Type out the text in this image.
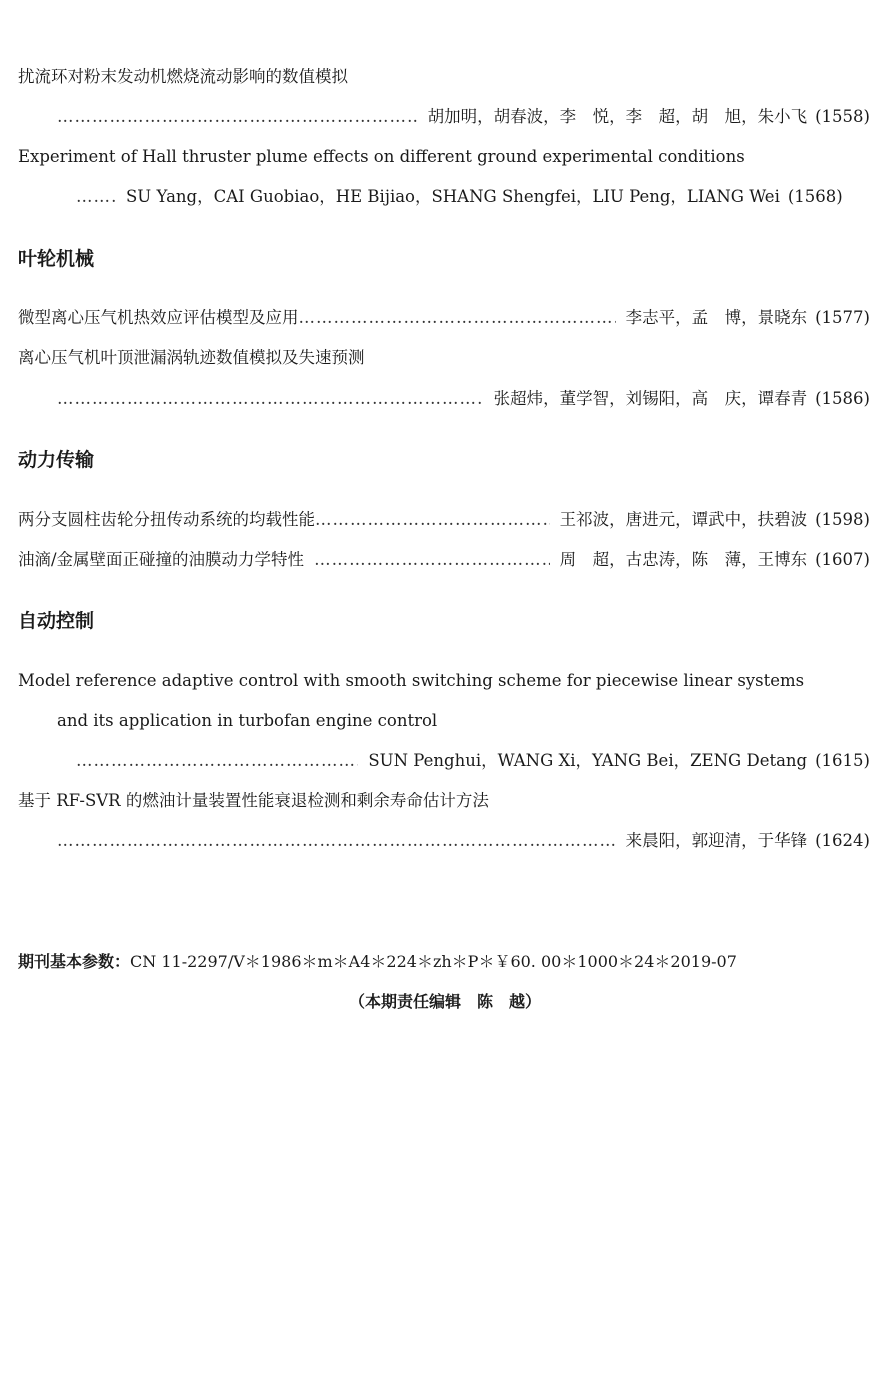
扰流环对粉末发动机燃烧流动影响的数值模拟
…………………………………………………………………………………………………………………………………………………………………………………………
胡加明，胡春波，李　悦，李　超，胡　旭，朱小飞 (1558)
Experiment of Hall thruster plume effects on different ground experimental conditions
…………………………………………………………………………………………………………………………………………………………………………………………
SU Yang，CAI Guobiao，HE Bijiao，SHANG Shengfei，LIU Peng，LIANG Wei (1568)
叶轮机械
微型离心压气机热效应评估模型及应用 …………………………………………………………………………………………………………………………………………………………………………………………	李志平，孟　博，景晓东 (1577)
离心压气机叶顶泄漏涡轨迹数值模拟及失速预测
…………………………………………………………………………………………………………………………………………………………………………………………
张超炜，董学智，刘锡阳，高　庆，谭春青 (1586)
动力传输
两分支圆柱齿轮分扭传动系统的均载性能 …………………………………………………………………………………………………………………………………………………………………………………………	王祁波，唐进元，谭武中，扶碧波 (1598)
油滴/金属壁面正碰撞的油膜动力学特性 …………………………………………………………………………………………………………………………………………………………………………………………	周　超，古忠涛，陈　薄，王博东 (1607)
自动控制
Model reference adaptive control with smooth switching scheme for piecewise linear systems
and its application in turbofan engine control
…………………………………………………………………………………………………………………………………………………………………………………………
SUN Penghui，WANG Xi，YANG Bei，ZENG Detang (1615)
基于 RF-SVR 的燃油计量装置性能衰退检测和剩余寿命估计方法
…………………………………………………………………………………………………………………………………………………………………………………………
来晨阳，郭迎清，于华锋 (1624)
期刊基本参数：CN 11-2297/V＊1986＊m＊A4＊224＊zh＊P＊￥60. 00＊1000＊24＊2019-07
（本期责任编辑　陈　越）
